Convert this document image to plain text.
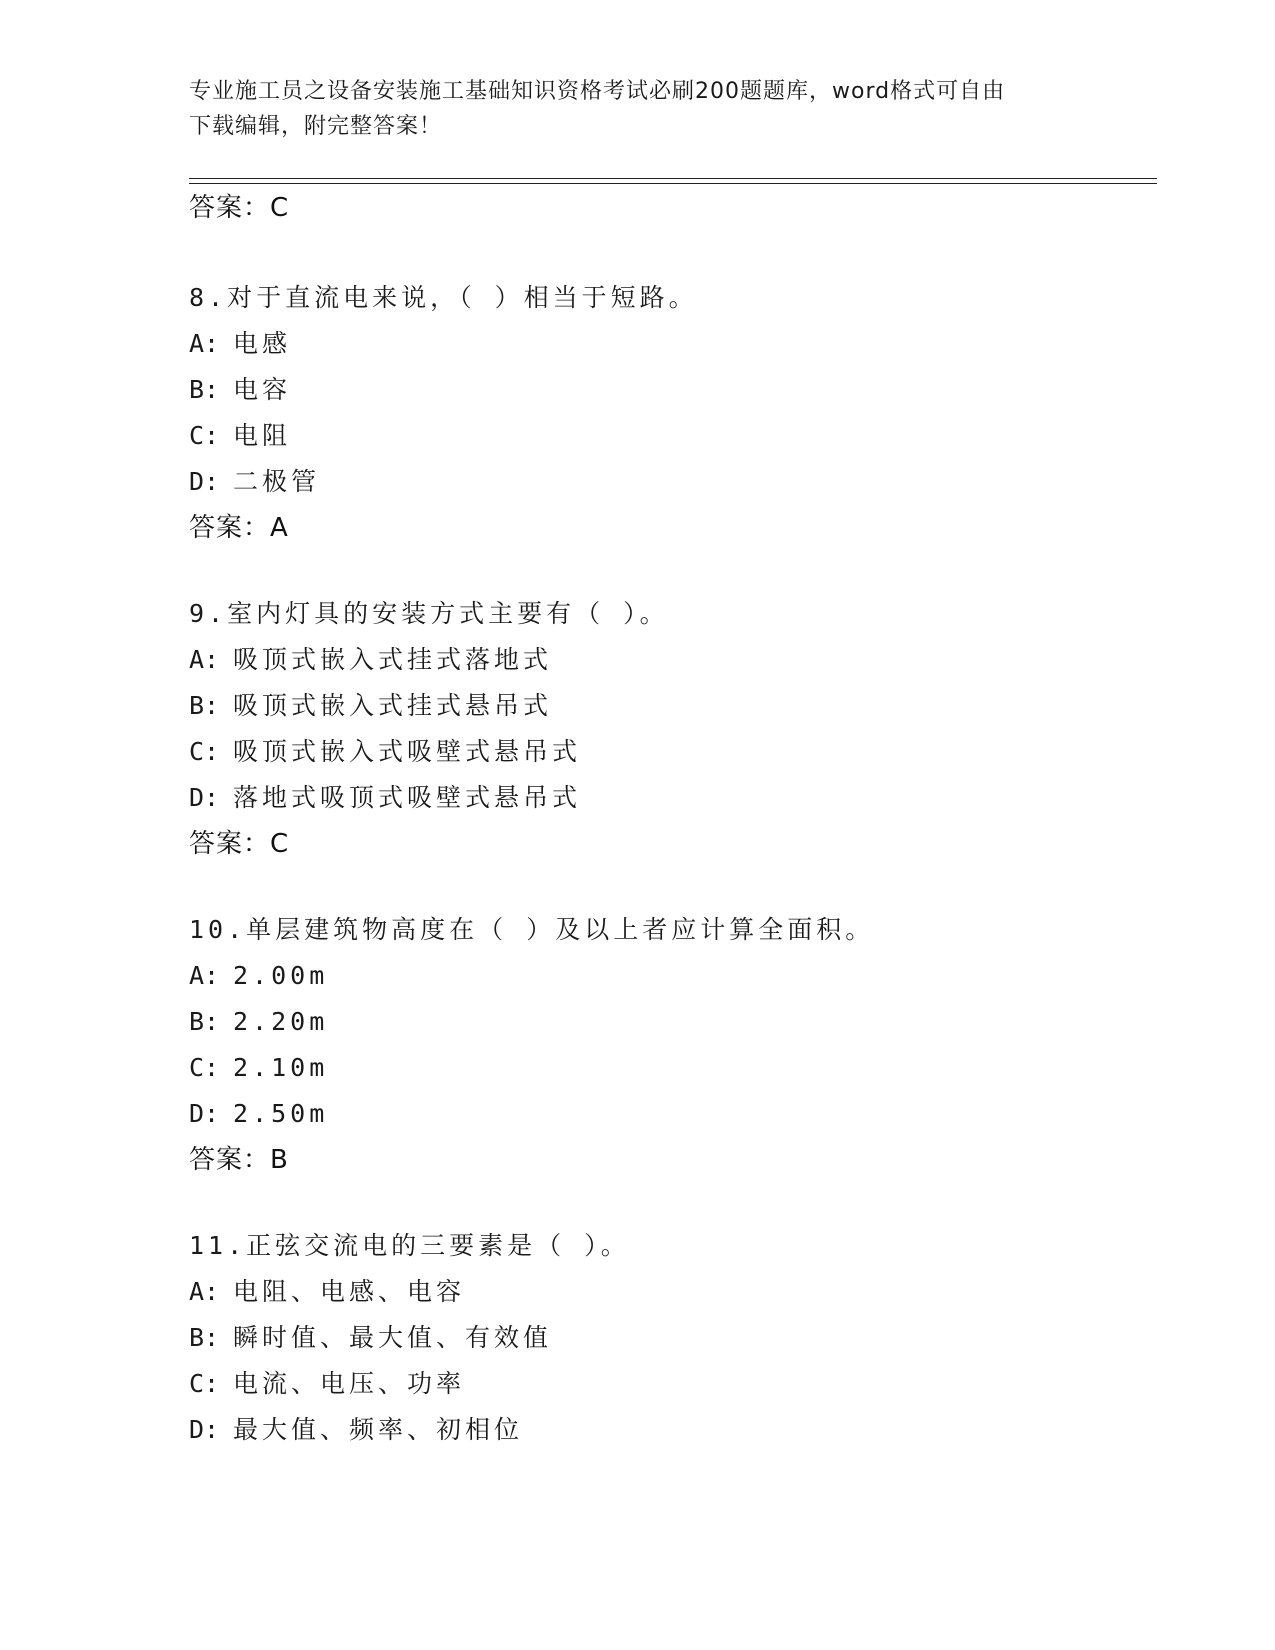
专业施工员之设备安装施工基础知识资格考试必刷200题题库，word格式可自由
下载编辑，附完整答案！
答案：C
8.对于直流电来说，（ ）相当于短路。
A: 电感
B: 电容
C: 电阻
D: 二极管
答案：A
9.室内灯具的安装方式主要有（ ）。
A: 吸顶式嵌入式挂式落地式
B: 吸顶式嵌入式挂式悬吊式
C: 吸顶式嵌入式吸壁式悬吊式
D: 落地式吸顶式吸壁式悬吊式
答案：C
10.单层建筑物高度在（ ）及以上者应计算全面积。
A: 2.00m
B: 2.20m
C: 2.10m
D: 2.50m
答案：B
11.正弦交流电的三要素是（ ）。
A: 电阻、电感、电容
B: 瞬时值、最大值、有效值
C: 电流、电压、功率
D: 最大值、频率、初相位
